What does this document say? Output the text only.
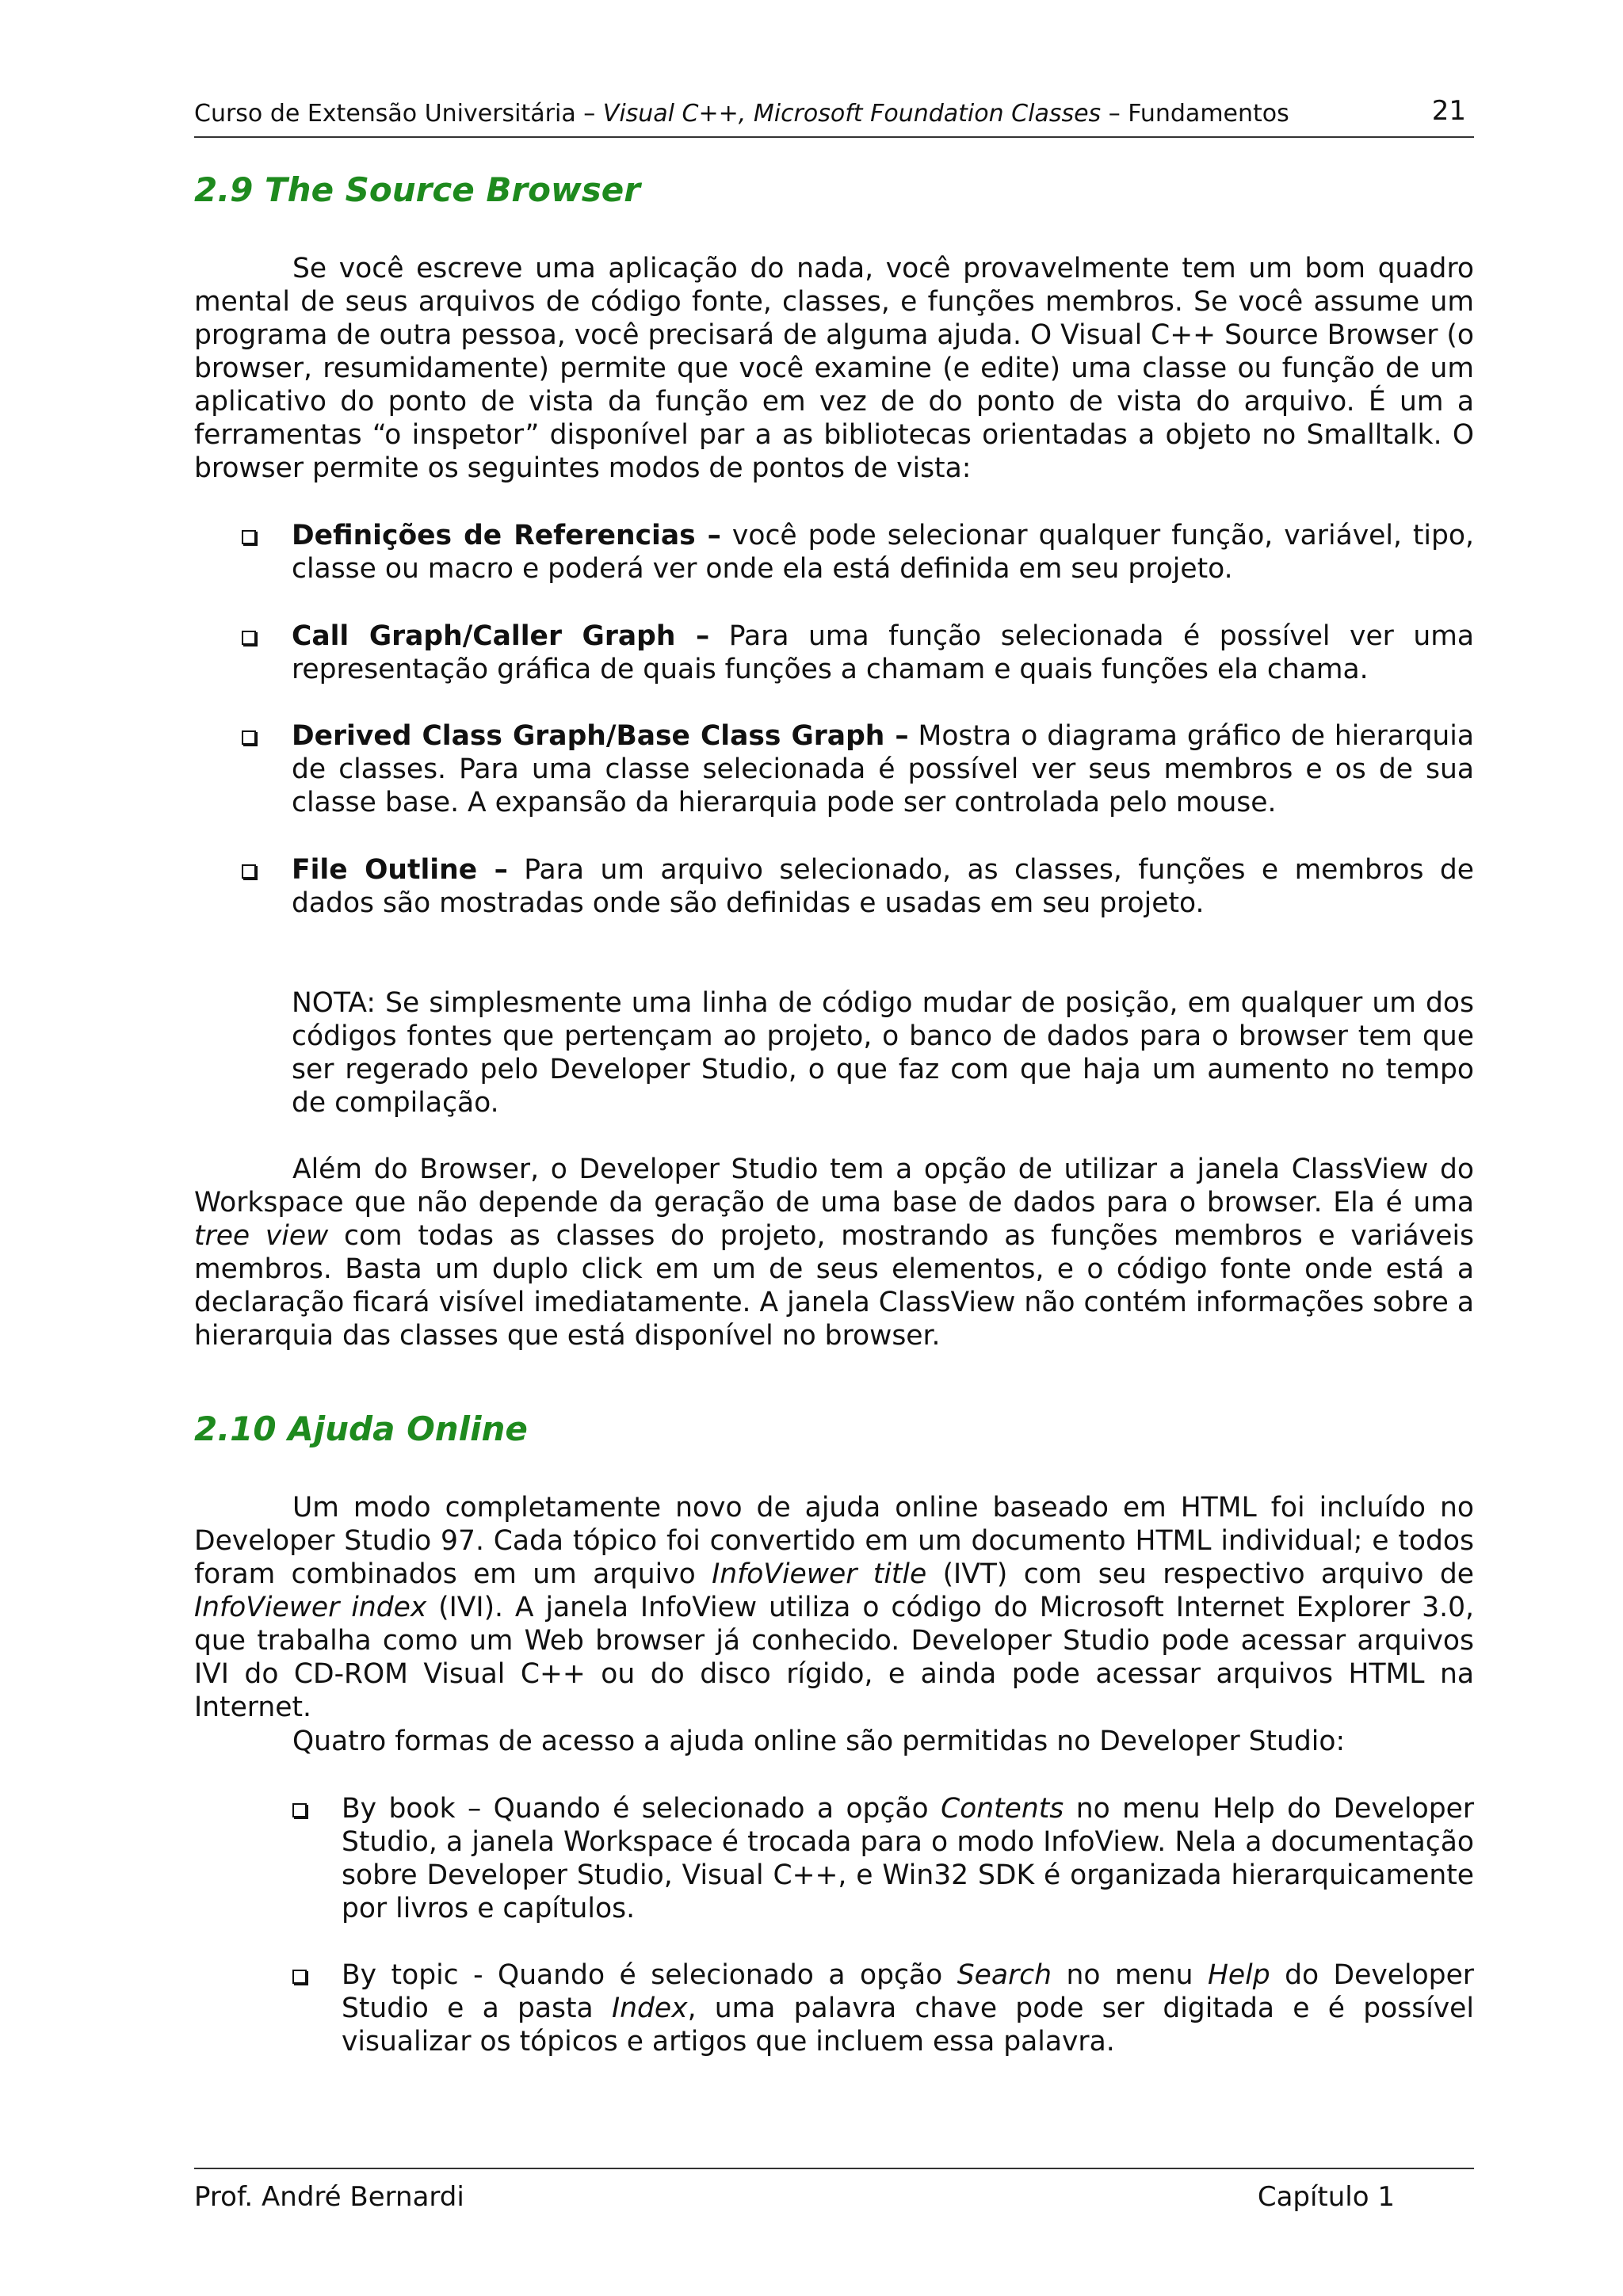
Curso de Extensão Universitária – Visual C++, Microsoft Foundation Classes – Fundamentos	21
2.9 The Source Browser

Se você escreve uma aplicação do nada, você provavelmente tem um bom quadro mental de seus arquivos de código fonte, classes, e funções membros. Se você assume um programa de outra pessoa, você precisará de alguma ajuda. O Visual C++ Source Browser (o browser, resumidamente) permite que você examine (e edite) uma classe ou função de um aplicativo do ponto de vista da função em vez de do ponto de vista do arquivo. É um a ferramentas “o inspetor” disponível par a as bibliotecas orientadas a objeto no Smalltalk. O browser permite os seguintes modos de pontos de vista:

Definições de Referencias – você pode selecionar qualquer função, variável, tipo, classe ou macro e poderá ver onde ela está definida em seu projeto.

Call Graph/Caller Graph – Para uma função selecionada é possível ver uma representação gráfica de quais funções a chamam e quais funções ela chama.

Derived Class Graph/Base Class Graph – Mostra o diagrama gráfico de hierarquia de classes. Para uma classe selecionada é possível ver seus membros e os de sua classe base. A expansão da hierarquia pode ser controlada pelo mouse.

File Outline – Para um arquivo selecionado, as classes, funções e membros de dados são mostradas onde são definidas e usadas em seu projeto.

NOTA: Se simplesmente uma linha de código mudar de posição, em qualquer um dos códigos fontes que pertençam ao projeto, o banco de dados para o browser tem que ser regerado pelo Developer Studio, o que faz com que haja um aumento no tempo de compilação.

Além do Browser, o Developer Studio tem a opção de utilizar a janela ClassView do Workspace que não depende da geração de uma base de dados para o browser. Ela é uma tree view com todas as classes do projeto, mostrando as funções membros e variáveis membros. Basta um duplo click em um de seus elementos, e o código fonte onde está a declaração ficará visível imediatamente. A janela ClassView não contém informações sobre a hierarquia das classes que está disponível no browser.

2.10 Ajuda Online

Um modo completamente novo de ajuda online baseado em HTML foi incluído no Developer Studio 97. Cada tópico foi convertido em um documento HTML individual; e todos foram combinados em um arquivo InfoViewer title (IVT) com seu respectivo arquivo de InfoViewer index (IVI). A janela InfoView utiliza o código do Microsoft Internet Explorer 3.0, que trabalha como um Web browser já conhecido. Developer Studio pode acessar arquivos IVI do CD-ROM Visual C++ ou do disco rígido, e ainda pode acessar arquivos HTML na Internet.

Quatro formas de acesso a ajuda online são permitidas no Developer Studio:

By book – Quando é selecionado a opção Contents no menu Help do Developer Studio, a janela Workspace é trocada para o modo InfoView. Nela a documentação sobre Developer Studio, Visual C++, e Win32 SDK é organizada hierarquicamente por livros e capítulos.

By topic - Quando é selecionado a opção Search no menu Help do Developer Studio e a pasta Index, uma palavra chave pode ser digitada e é possível visualizar os tópicos e artigos que incluem essa palavra.

Prof. André Bernardi	Capítulo 1
